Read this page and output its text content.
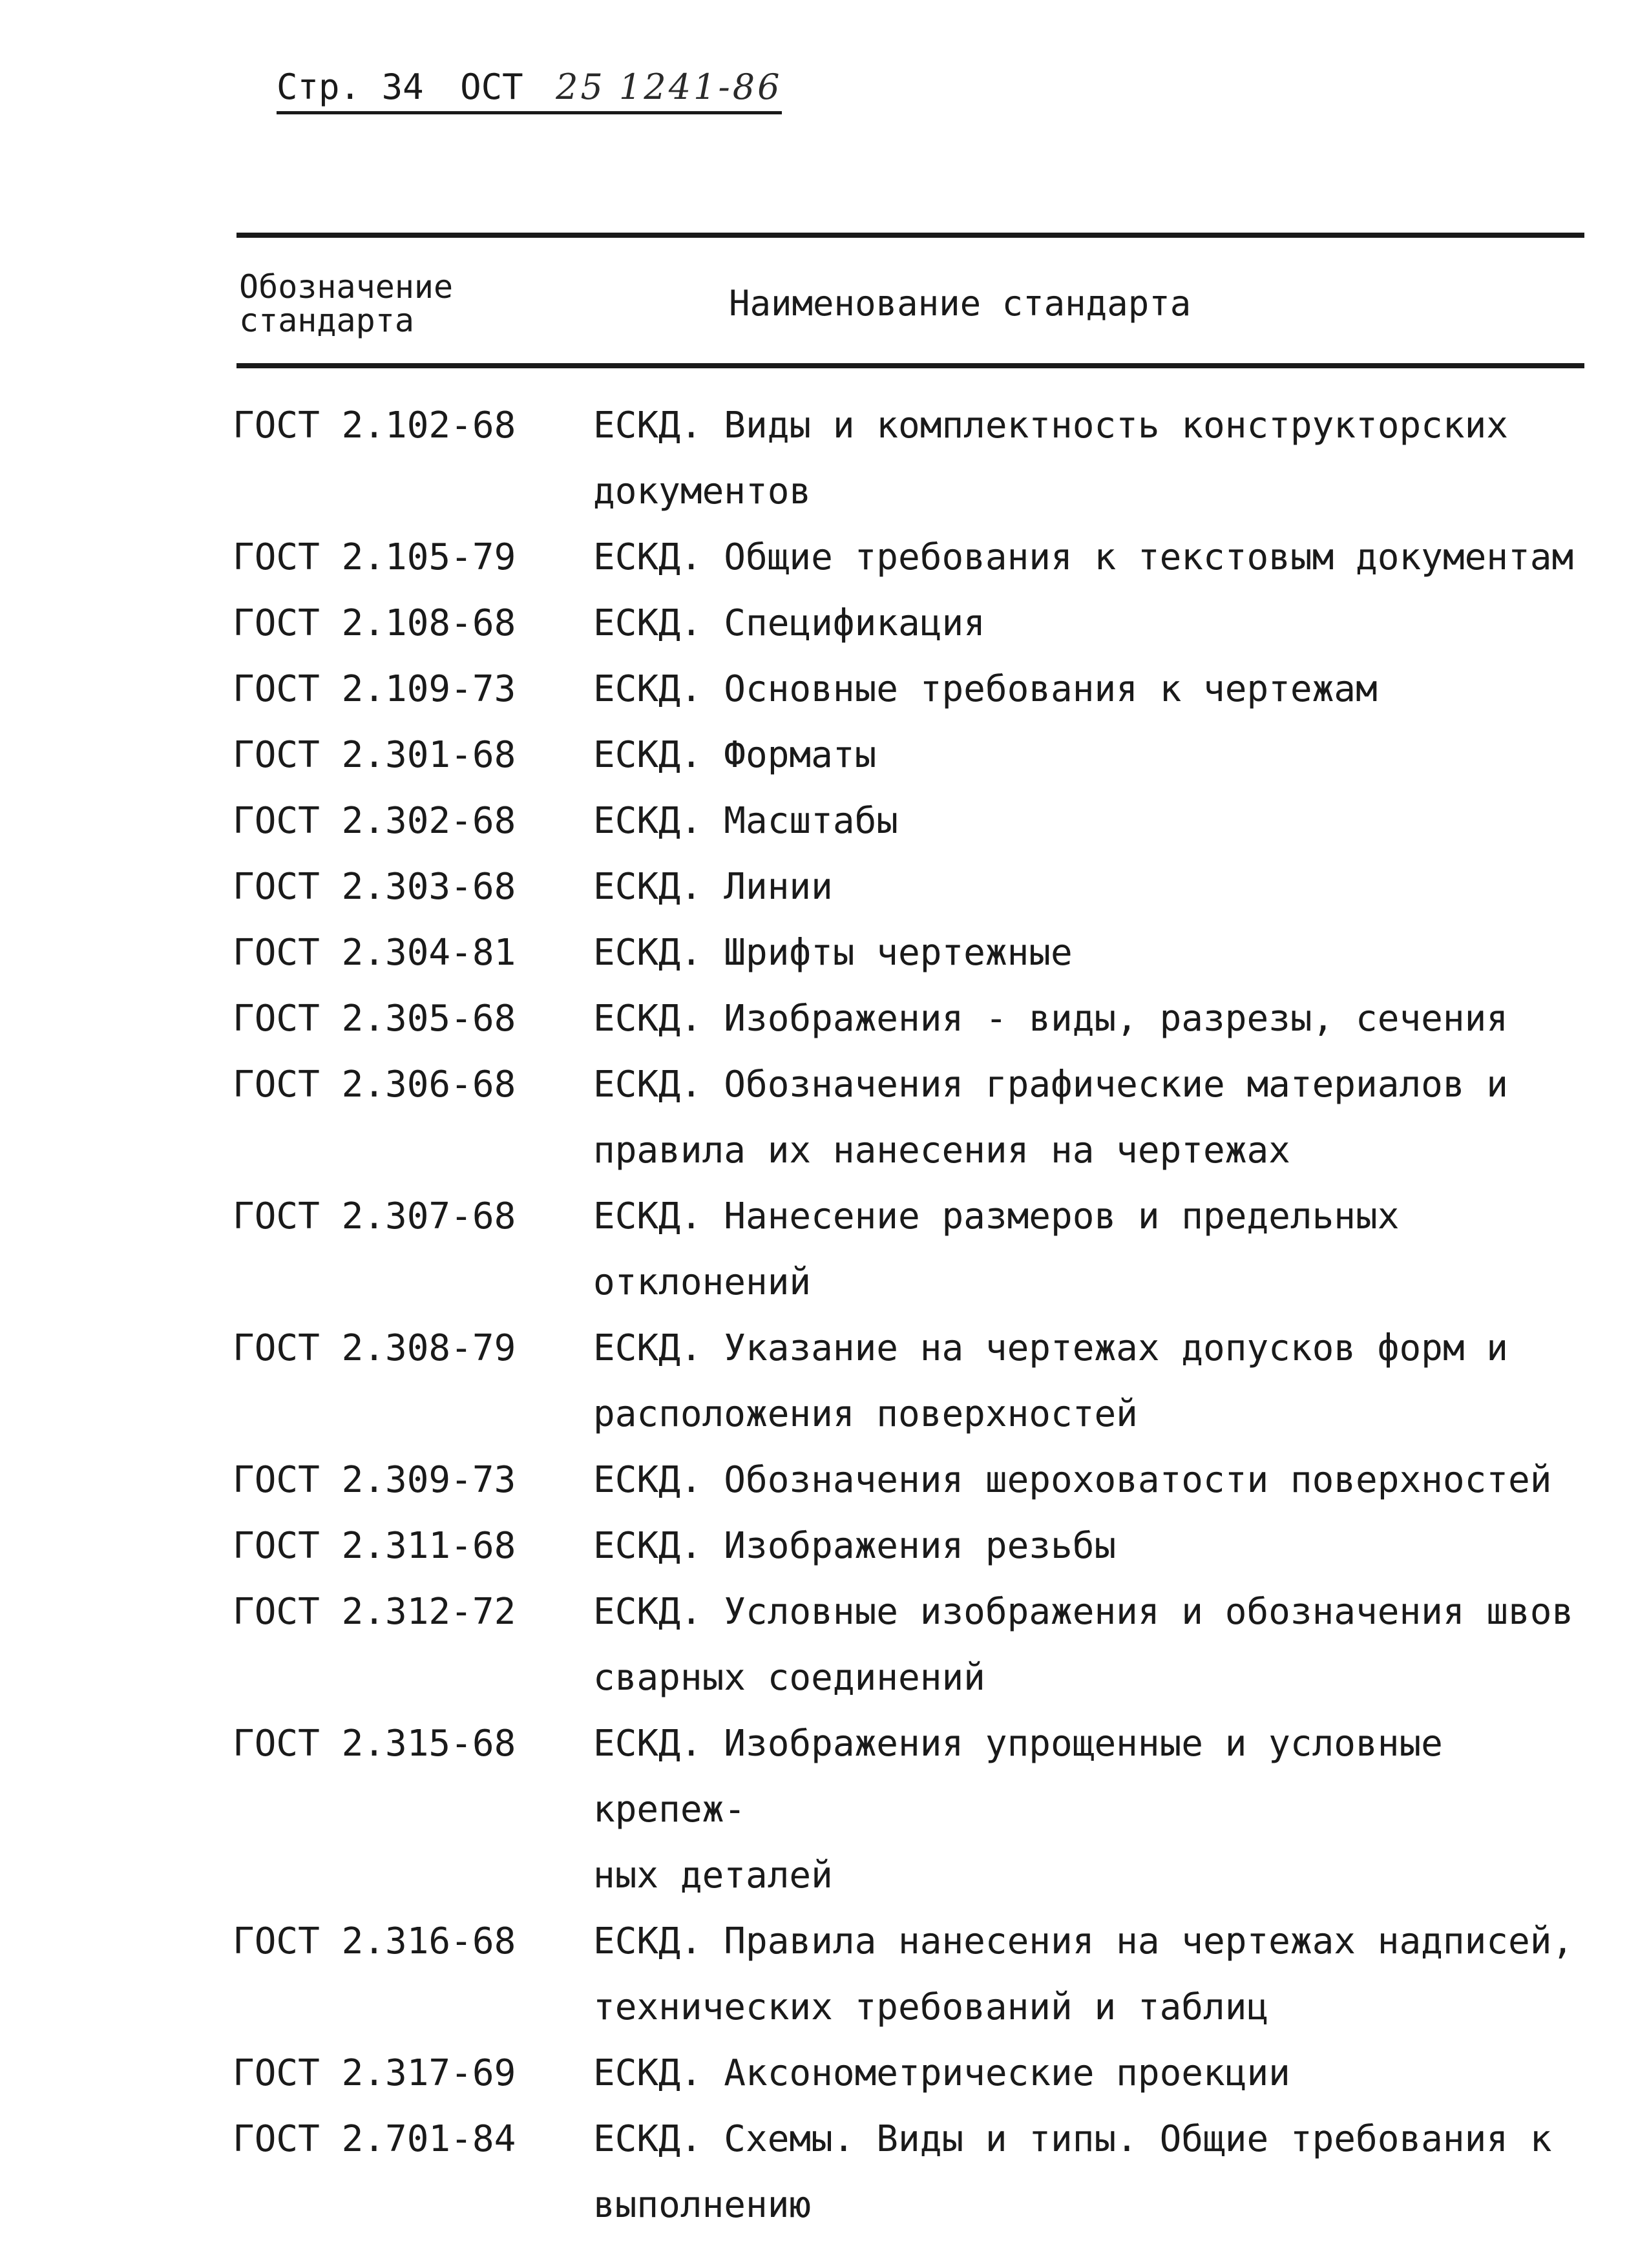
Стр. 34 ОСТ 25 1241-86
Обозначение
стандарта	Наименование стандарта
ГОСТ 2.102-68	ЕСКД. Виды и комплектность конструкторских
документов
ГОСТ 2.105-79	ЕСКД. Общие требования к текстовым документам
ГОСТ 2.108-68	ЕСКД. Спецификация
ГОСТ 2.109-73	ЕСКД. Основные требования к чертежам
ГОСТ 2.301-68	ЕСКД. Форматы
ГОСТ 2.302-68	ЕСКД. Масштабы
ГОСТ 2.303-68	ЕСКД. Линии
ГОСТ 2.304-81	ЕСКД. Шрифты чертежные
ГОСТ 2.305-68	ЕСКД. Изображения - виды, разрезы, сечения
ГОСТ 2.306-68	ЕСКД. Обозначения графические материалов и
правила их нанесения на чертежах
ГОСТ 2.307-68	ЕСКД. Нанесение размеров и предельных отклонений
ГОСТ 2.308-79	ЕСКД. Указание на чертежах допусков форм и
расположения поверхностей
ГОСТ 2.309-73	ЕСКД. Обозначения шероховатости поверхностей
ГОСТ 2.311-68	ЕСКД. Изображения резьбы
ГОСТ 2.312-72	ЕСКД. Условные изображения и обозначения швов
сварных соединений
ГОСТ 2.315-68	ЕСКД. Изображения упрощенные и условные крепеж-
ных деталей
ГОСТ 2.316-68	ЕСКД. Правила нанесения на чертежах надписей,
технических требований и таблиц
ГОСТ 2.317-69	ЕСКД. Аксонометрические проекции
ГОСТ 2.701-84	ЕСКД. Схемы. Виды и типы. Общие требования к
выполнению
